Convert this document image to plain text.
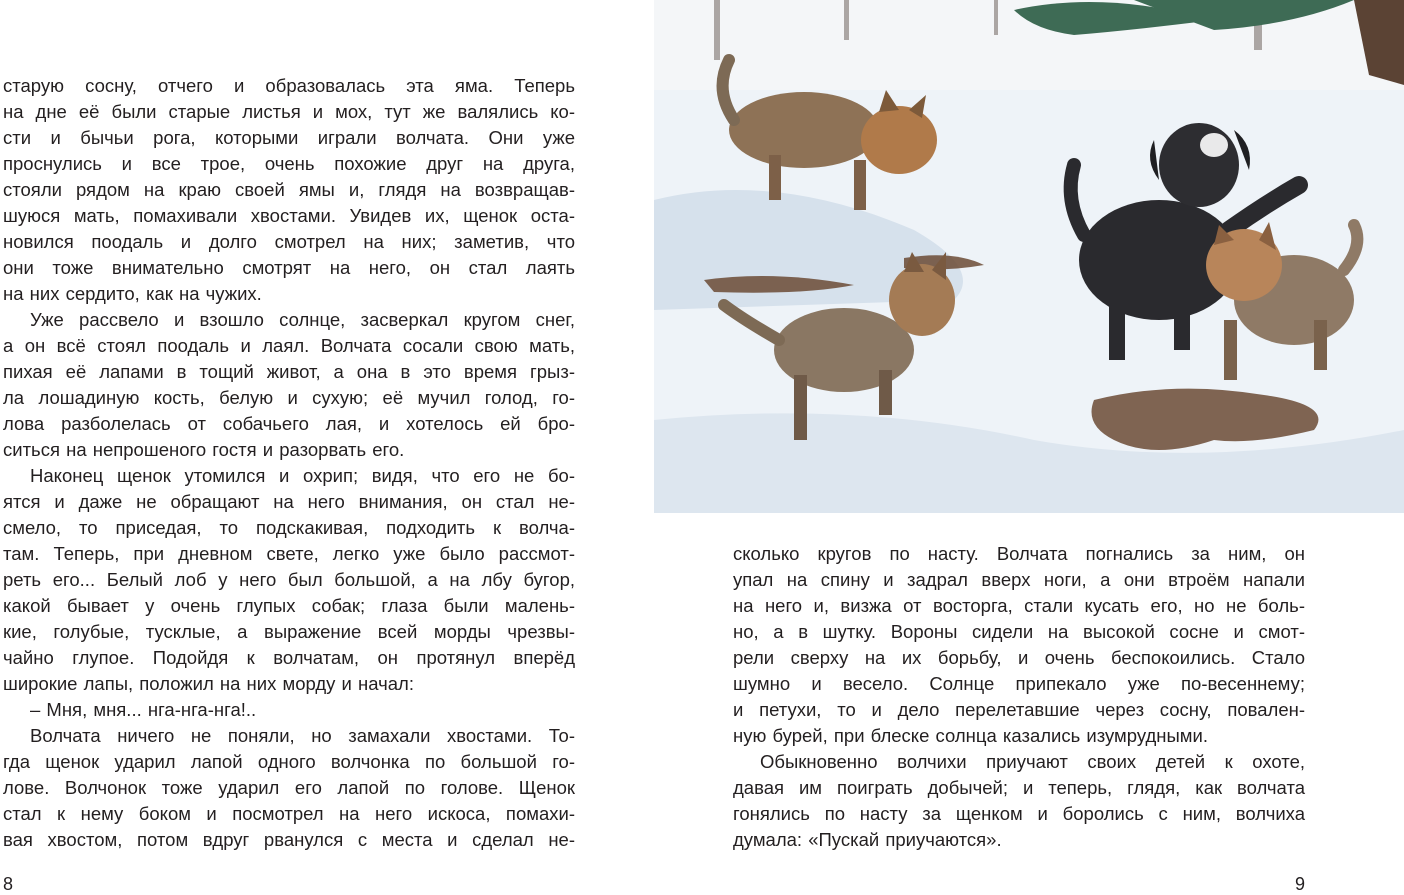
старую сосну, отчего и образовалась эта яма. Теперь
на дне её были старые листья и мох, тут же валялись ко-
сти и бычьи рога, которыми играли волчата. Они уже
проснулись и все трое, очень похожие друг на друга,
стояли рядом на краю своей ямы и, глядя на возвращав-
шуюся мать, помахивали хвостами. Увидев их, щенок оста-
новился поодаль и долго смотрел на них; заметив, что
они тоже внимательно смотрят на него, он стал лаять
на них сердито, как на чужих.
Уже рассвело и взошло солнце, засверкал кругом снег,
а он всё стоял поодаль и лаял. Волчата сосали свою мать,
пихая её лапами в тощий живот, а она в это время грыз-
ла лошадиную кость, белую и сухую; её мучил голод, го-
лова разболелась от собачьего лая, и хотелось ей бро-
ситься на непрошеного гостя и разорвать его.
Наконец щенок утомился и охрип; видя, что его не бо-
ятся и даже не обращают на него внимания, он стал не-
смело, то приседая, то подскакивая, подходить к волча-
там. Теперь, при дневном свете, легко уже было рассмот-
реть его... Белый лоб у него был большой, а на лбу бугор,
какой бывает у очень глупых собак; глаза были малень-
кие, голубые, тусклые, а выражение всей морды чрезвы-
чайно глупое. Подойдя к волчатам, он протянул вперёд
широкие лапы, положил на них морду и начал:
– Мня, мня... нга-нга-нга!..
Волчата ничего не поняли, но замахали хвостами. То-
гда щенок ударил лапой одного волчонка по большой го-
лове. Волчонок тоже ударил его лапой по голове. Щенок
стал к нему боком и посмотрел на него искоса, помахи-
вая хвостом, потом вдруг рванулся с места и сделал не-
сколько кругов по насту. Волчата погнались за ним, он
упал на спину и задрал вверх ноги, а они втроём напали
на него и, визжа от восторга, стали кусать его, но не боль-
но, а в шутку. Вороны сидели на высокой сосне и смот-
рели сверху на их борьбу, и очень беспокоились. Стало
шумно и весело. Солнце припекало уже по-весеннему;
и петухи, то и дело перелетавшие через сосну, повален-
ную бурей, при блеске солнца казались изумрудными.
Обыкновенно волчихи приучают своих детей к охоте,
давая им поиграть добычей; и теперь, глядя, как волчата
гонялись по насту за щенком и боролись с ним, волчиха
думала: «Пускай приучаются».
8	9
